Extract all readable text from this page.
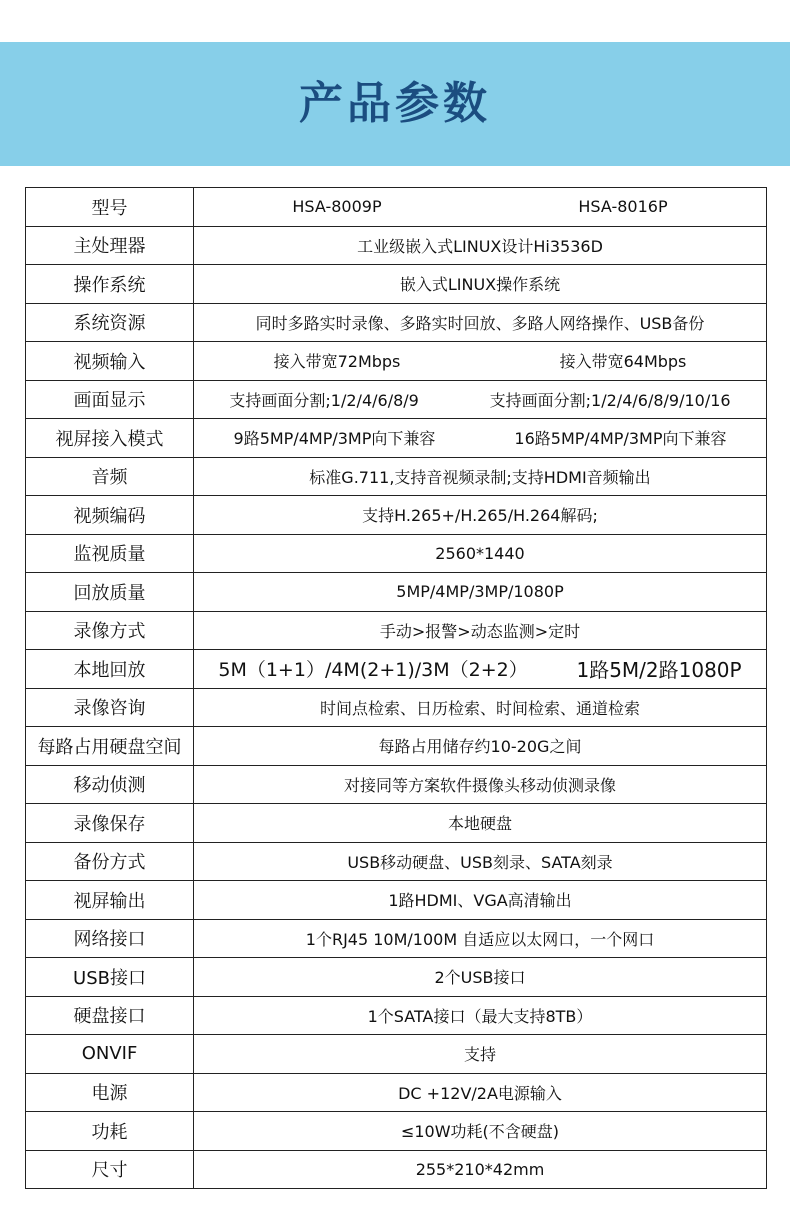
产品参数
型号	HSA-8009P HSA-8016P

主处理器	工业级嵌入式LINUX设计Hi3536D
操作系统	嵌入式LINUX操作系统
系统资源	同时多路实时录像、多路实时回放、多路人网络操作、USB备份
视频输入	接入带宽72Mbps 接入带宽64Mbps

画面显示	支持画面分割;1/2/4/6/8/9 支持画面分割;1/2/4/6/8/9/10/16

视屏接入模式	9路5MP/4MP/3MP向下兼容 16路5MP/4MP/3MP向下兼容

音频	标准G.711,支持音视频录制;支持HDMI音频输出
视频编码	支持H.265+/H.265/H.264解码;
监视质量	2560*1440
回放质量	5MP/4MP/3MP/1080P
录像方式	手动>报警>动态监测>定时
本地回放	5M（1+1）/4M(2+1)/3M（2+2） 1路5M/2路1080P

录像咨询	时间点检索、日历检索、时间检索、通道检索
每路占用硬盘空间	每路占用储存约10-20G之间
移动侦测	对接同等方案软件摄像头移动侦测录像
录像保存	本地硬盘
备份方式	USB移动硬盘、USB刻录、SATA刻录
视屏输出	1路HDMI、VGA高清输出
网络接口	1个RJ45 10M/100M 自适应以太网口，一个网口
USB接口	2个USB接口
硬盘接口	1个SATA接口（最大支持8TB）
ONVIF	支持
电源	DC +12V/2A电源输入
功耗	≤10W功耗(不含硬盘)
尺寸	255*210*42mm
